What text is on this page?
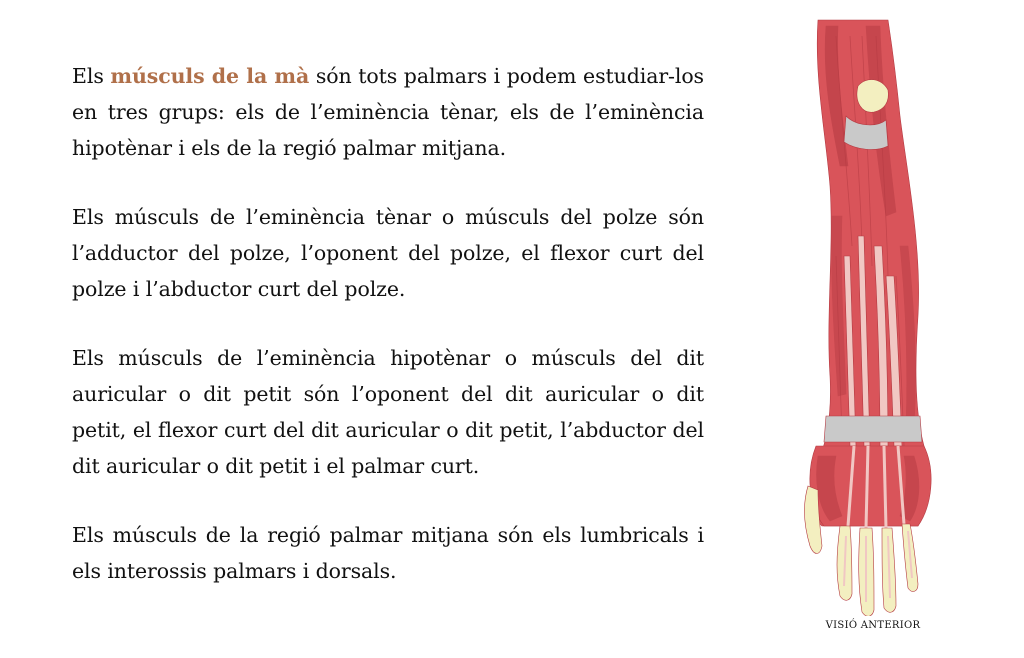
Els músculs de la mà són tots palmars i podem estudiar-los en tres grups: els de l’eminència tènar, els de l’eminència hipotènar i els de la regió palmar mitjana.

Els músculs de l’eminència tènar o músculs del polze són l’adductor del polze, l’oponent del polze, el flexor curt del polze i l’abductor curt del polze.

Els músculs de l’eminència hipotènar o músculs del dit auricular o dit petit són l’oponent del dit auricular o dit petit, el flexor curt del dit auricular o dit petit, l’abductor del dit auricular o dit petit i el palmar curt.

Els músculs de la regió palmar mitjana són els lumbricals i els interossis palmars i dorsals.

VISIÓ ANTERIOR
